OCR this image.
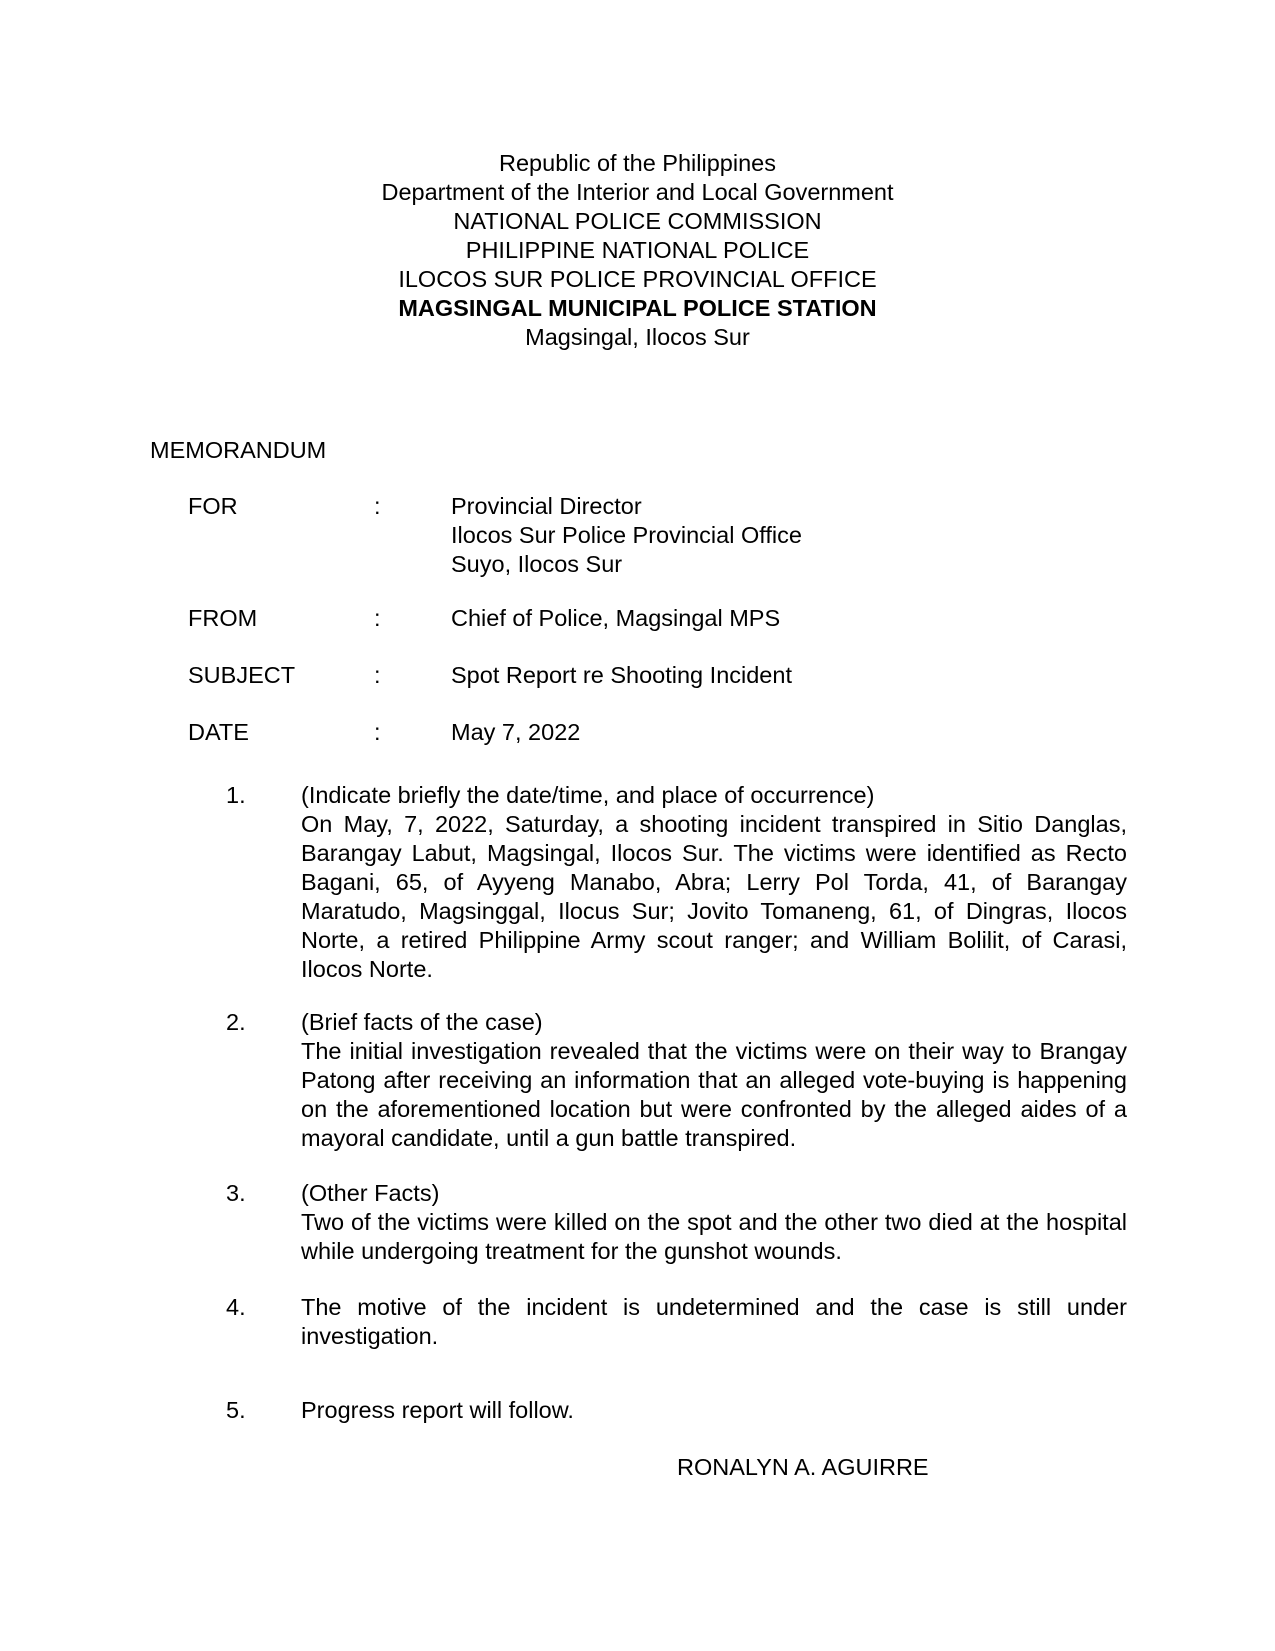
Republic of the Philippines
Department of the Interior and Local Government
NATIONAL POLICE COMMISSION
PHILIPPINE NATIONAL POLICE
ILOCOS SUR POLICE PROVINCIAL OFFICE
MAGSINGAL MUNICIPAL POLICE STATION
Magsingal, Ilocos Sur
MEMORANDUM
FOR	:	Provincial Director
Ilocos Sur Police Provincial Office
Suyo, Ilocos Sur
FROM	:	Chief of Police, Magsingal MPS
SUBJECT	:	Spot Report re Shooting Incident
DATE	:	May 7, 2022
1. (Indicate briefly the date/time, and place of occurrence)
On May, 7, 2022, Saturday, a shooting incident transpired in Sitio Danglas, Barangay Labut, Magsingal, Ilocos Sur. The victims were identified as Recto Bagani, 65, of Ayyeng Manabo, Abra; Lerry Pol Torda, 41, of Barangay Maratudo, Magsinggal, Ilocus Sur; Jovito Tomaneng, 61, of Dingras, Ilocos Norte, a retired Philippine Army scout ranger; and William Bolilit, of Carasi, Ilocos Norte.
2. (Brief facts of the case)
The initial investigation revealed that the victims were on their way to Brangay Patong after receiving an information that an alleged vote-buying is happening on the aforementioned location but were confronted by the alleged aides of a mayoral candidate, until a gun battle transpired.
3. (Other Facts)
Two of the victims were killed on the spot and the other two died at the hospital while undergoing treatment for the gunshot wounds.
4. The motive of the incident is undetermined and the case is still under investigation.
5. Progress report will follow.
RONALYN A. AGUIRRE
